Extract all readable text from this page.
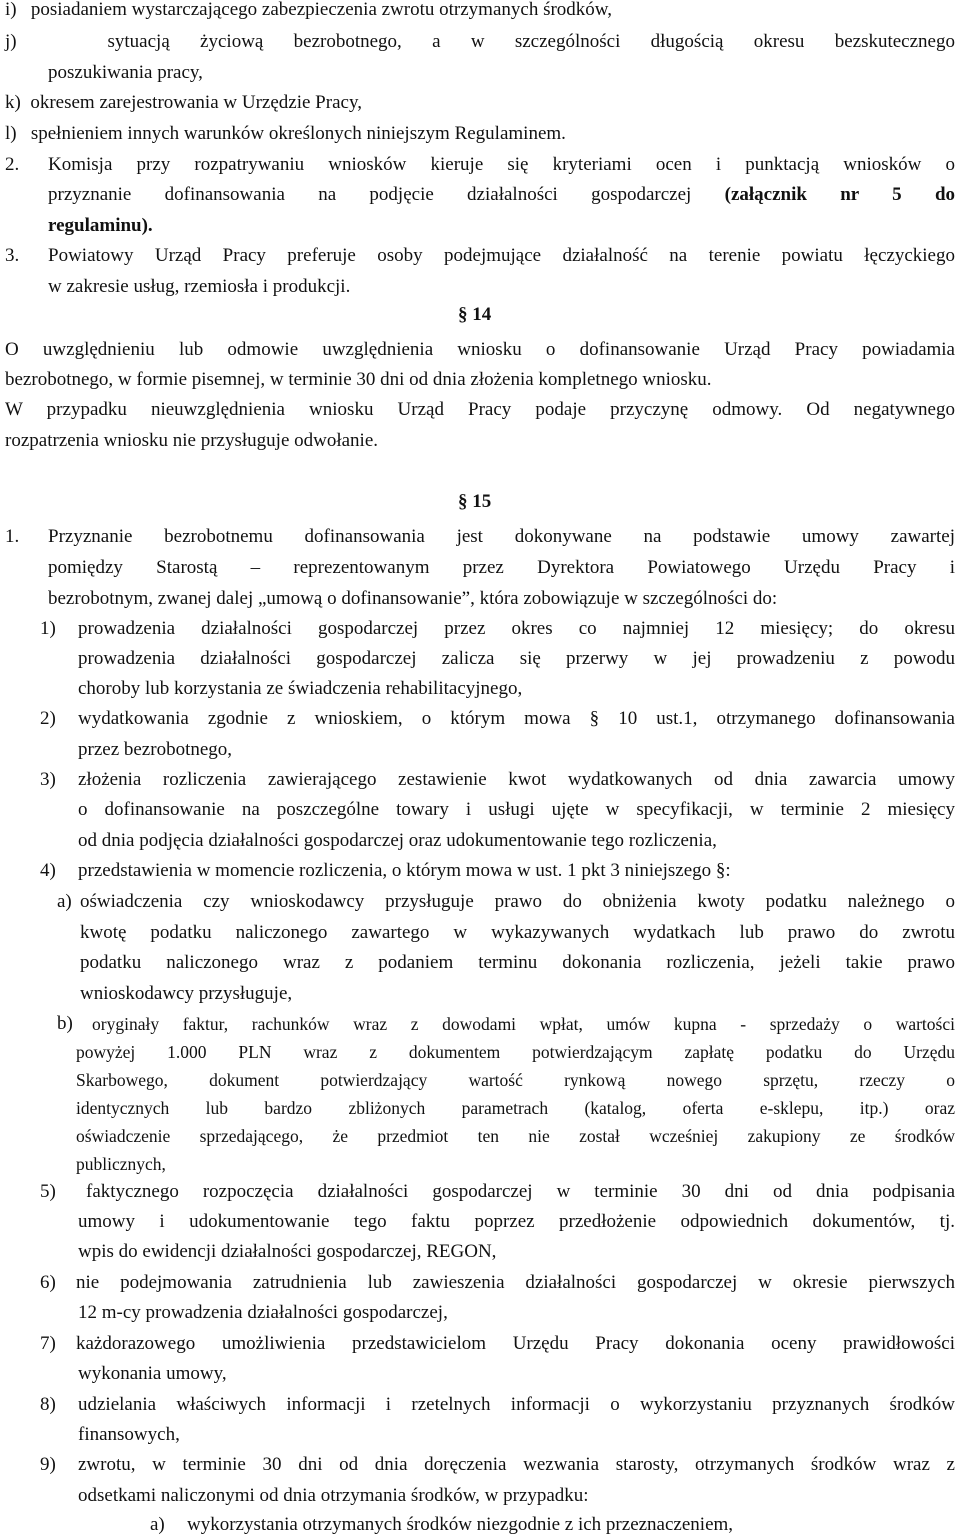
i)   posiadaniem wystarczającego zabezpieczenia zwrotu otrzymanych środków,
j)   sytuacją życiową bezrobotnego, a w szczególności długością okresu bezskutecznego
poszukiwania pracy,
k)  okresem zarejestrowania w Urzędzie Pracy,
l)   spełnieniem innych warunków określonych niniejszym Regulaminem.
2. Komisja przy rozpatrywaniu wniosków kieruje się kryteriami ocen i punktacją wniosków o
przyznanie dofinansowania na podjęcie działalności gospodarczej (załącznik nr 5 do
regulaminu).
3. Powiatowy Urząd Pracy preferuje osoby podejmujące działalność na terenie powiatu łęczyckiego
w zakresie usług, rzemiosła i produkcji.
§ 14
O uwzględnieniu lub odmowie uwzględnienia wniosku o dofinansowanie Urząd Pracy powiadamia
bezrobotnego, w formie pisemnej, w terminie 30 dni od dnia złożenia kompletnego wniosku.
W przypadku nieuwzględnienia wniosku Urząd Pracy podaje przyczynę odmowy. Od negatywnego
rozpatrzenia wniosku nie przysługuje odwołanie.
§ 15
1. Przyznanie bezrobotnemu dofinansowania jest dokonywane na podstawie umowy zawartej
pomiędzy Starostą – reprezentowanym przez Dyrektora Powiatowego Urzędu Pracy i
bezrobotnym, zwanej dalej „umową o dofinansowanie”, która zobowiązuje w szczególności do:
1) prowadzenia działalności gospodarczej przez okres co najmniej 12 miesięcy; do okresu
prowadzenia działalności gospodarczej zalicza się przerwy w jej prowadzeniu z powodu
choroby lub korzystania ze świadczenia rehabilitacyjnego,
2) wydatkowania zgodnie z wnioskiem, o którym mowa § 10 ust.1, otrzymanego dofinansowania
przez bezrobotnego,
3) złożenia rozliczenia zawierającego zestawienie kwot wydatkowanych od dnia zawarcia umowy
o dofinansowanie na poszczególne towary i usługi ujęte w specyfikacji, w terminie 2 miesięcy
od dnia podjęcia działalności gospodarczej oraz udokumentowanie tego rozliczenia,
4) przedstawienia w momencie rozliczenia, o którym mowa w ust. 1 pkt 3 niniejszego §:
a) oświadczenia czy wnioskodawcy przysługuje prawo do obniżenia kwoty podatku należnego o
kwotę podatku naliczonego zawartego w wykazywanych wydatkach lub prawo do zwrotu
podatku naliczonego wraz z podaniem terminu dokonania rozliczenia, jeżeli takie prawo
wnioskodawcy przysługuje,
b) oryginały faktur, rachunków wraz z dowodami wpłat, umów kupna - sprzedaży o wartości
powyżej 1.000 PLN wraz z dokumentem potwierdzającym zapłatę podatku do Urzędu
Skarbowego, dokument potwierdzający wartość rynkową nowego sprzętu, rzeczy o
identycznych lub bardzo zbliżonych parametrach (katalog, oferta e-sklepu, itp.) oraz
oświadczenie sprzedającego, że przedmiot ten nie został wcześniej zakupiony ze środków
publicznych,
5) faktycznego rozpoczęcia działalności gospodarczej w terminie 30 dni od dnia podpisania
umowy i udokumentowanie tego faktu poprzez przedłożenie odpowiednich dokumentów, tj.
wpis do ewidencji działalności gospodarczej, REGON,
6) nie podejmowania zatrudnienia lub zawieszenia działalności gospodarczej w okresie pierwszych
12 m-cy prowadzenia działalności gospodarczej,
7) każdorazowego umożliwienia przedstawicielom Urzędu Pracy dokonania oceny prawidłowości
wykonania umowy,
8) udzielania właściwych informacji i rzetelnych informacji o wykorzystaniu przyznanych środków
finansowych,
9) zwrotu, w terminie 30 dni od dnia doręczenia wezwania starosty, otrzymanych środków wraz z
odsetkami naliczonymi od dnia otrzymania środków, w przypadku:
a) wykorzystania otrzymanych środków niezgodnie z ich przeznaczeniem,
